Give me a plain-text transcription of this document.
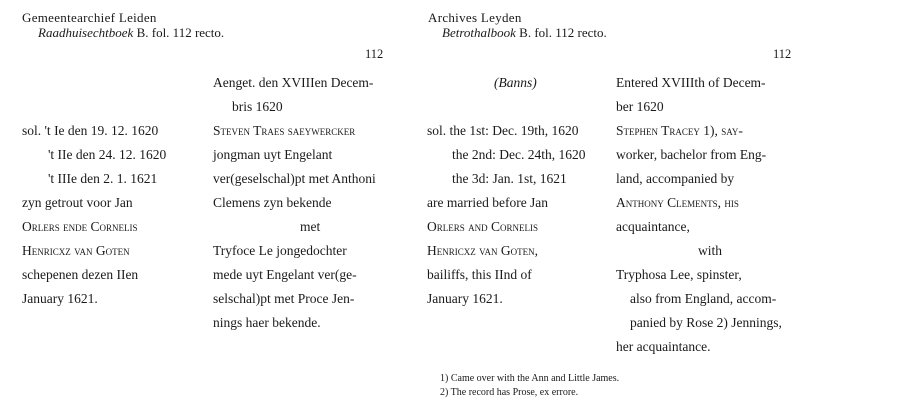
Gemeentearchief Leiden
Raadhuisechtboek B. fol. 112 recto.
112
sol. 't Ie den 19. 12. 1620
't IIe den 24. 12. 1620
't IIIe den 2. 1. 1621
zyn getrout voor Jan
Orlers ende Cornelis
Henricxz van Goten
schepenen dezen IIen
January 1621.
Aenget. den XVIIIen Decem-
bris 1620
Steven Traes saeywercker
jongman uyt Engelant
ver(geselschal)pt met Anthoni
Clemens zyn bekende
met
Tryfoce Le jongedochter
mede uyt Engelant ver(ge-
selschal)pt met Proce Jen-
nings haer bekende.
Archives Leyden
Betrothalbook B. fol. 112 recto.
112
(Banns)
sol. the 1st: Dec. 19th, 1620
the 2nd: Dec. 24th, 1620
the 3d: Jan. 1st, 1621
are married before Jan
Orlers and Cornelis
Henricxz van Goten,
bailiffs, this IInd of
January 1621.
Entered XVIIIth of Decem-
ber 1620
Stephen Tracey 1), say-
worker, bachelor from Eng-
land, accompanied by
Anthony Clements, his
acquaintance,
with
Tryphosa Lee, spinster,
also from England, accom-
panied by Rose 2) Jennings,
her acquaintance.
1) Came over with the Ann and Little James.
2) The record has Prose, ex errore.
